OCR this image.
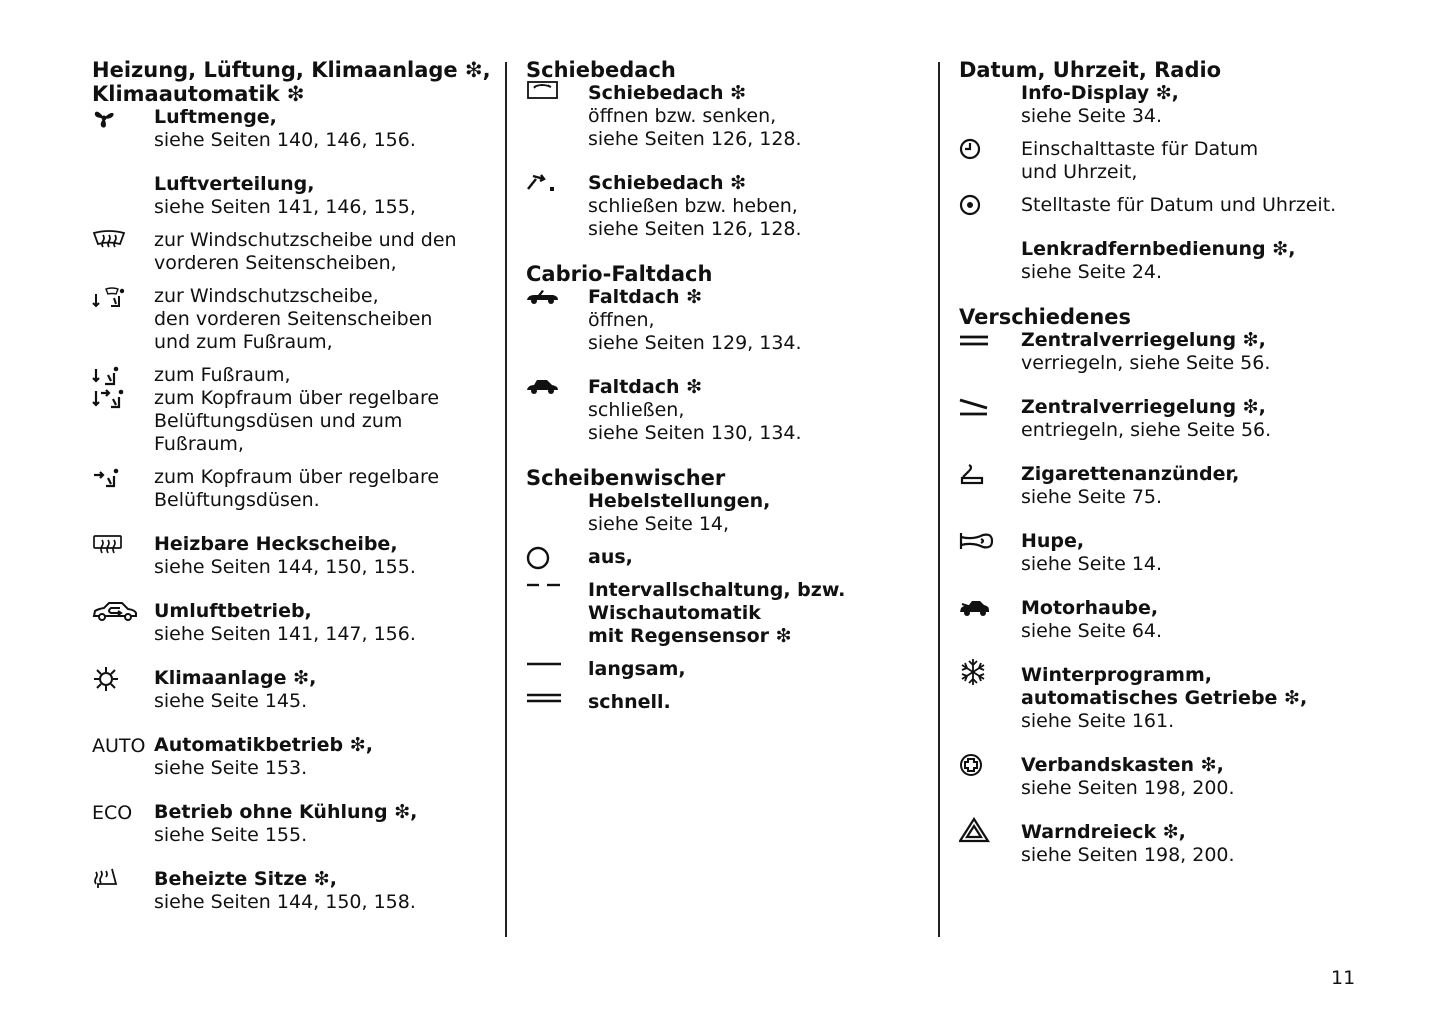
Heizung, Lüftung, Klimaanlage ❇,
Klimaautomatik ❇
Luftmenge,
siehe Seiten 140, 146, 156.
Luftverteilung,
siehe Seiten 141, 146, 155,
zur Windschutzscheibe und den
vorderen Seitenscheiben,
zur Windschutzscheibe,
den vorderen Seitenscheiben
und zum Fußraum,
zum Fußraum,
zum Kopfraum über regelbare
Belüftungsdüsen und zum Fußraum,
zum Kopfraum über regelbare
Belüftungsdüsen.
Heizbare Heckscheibe,
siehe Seiten 144, 150, 155.
Umluftbetrieb,
siehe Seiten 141, 147, 156.
Klimaanlage ❇,
siehe Seite 145.
AUTO Automatikbetrieb ❇,
siehe Seite 153.
ECO	Betrieb ohne Kühlung ❇,
siehe Seite 155.
Beheizte Sitze ❇,
siehe Seiten 144, 150, 158.
Schiebedach
Schiebedach ❇
öffnen bzw. senken,
siehe Seiten 126, 128.
Schiebedach ❇
schließen bzw. heben,
siehe Seiten 126, 128.
Cabrio-Faltdach
Faltdach ❇
öffnen,
siehe Seiten 129, 134.
Faltdach ❇
schließen,
siehe Seiten 130, 134.
Scheibenwischer
Hebelstellungen,
siehe Seite 14,
aus,
Intervallschaltung, bzw.
Wischautomatik
mit Regensensor ❇
langsam,
schnell.
Datum, Uhrzeit, Radio
Info-Display ❇,
siehe Seite 34.
Einschalttaste für Datum
und Uhrzeit,
Stelltaste für Datum und Uhrzeit.
Lenkradfernbedienung ❇,
siehe Seite 24.
Verschiedenes
Zentralverriegelung ❇,
verriegeln, siehe Seite 56.
Zentralverriegelung ❇,
entriegeln, siehe Seite 56.
Zigarettenanzünder,
siehe Seite 75.
Hupe,
siehe Seite 14.
Motorhaube,
siehe Seite 64.
Winterprogramm,
automatisches Getriebe ❇,
siehe Seite 161.
Verbandskasten ❇,
siehe Seiten 198, 200.
Warndreieck ❇,
siehe Seiten 198, 200.
11
